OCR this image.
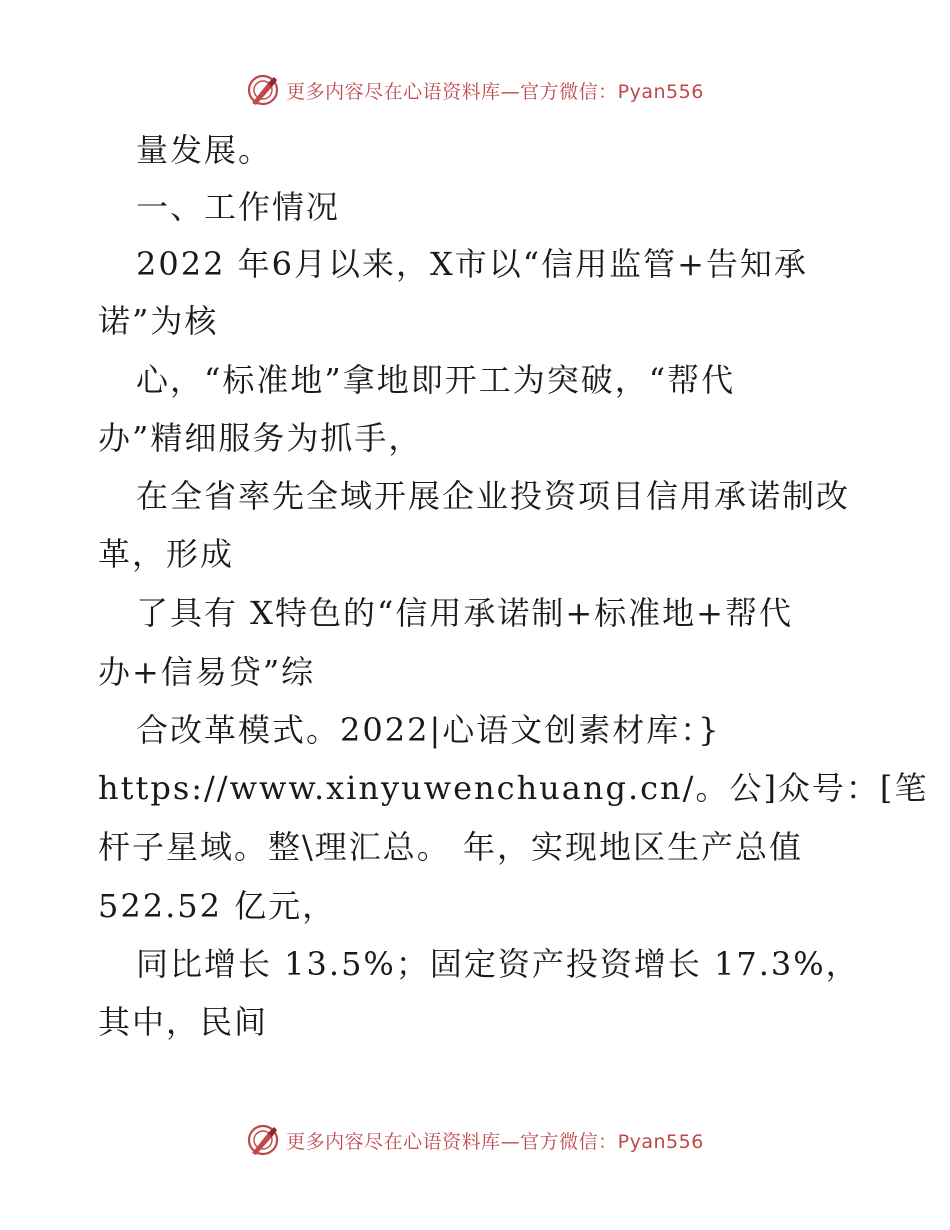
更多内容尽在心语资料库—官方微信：Pyan556
量发展。
一、工作情况
2022 年6月以来，X市以“信用监管+告知承
诺”为核
心，“标准地”拿地即开工为突破，“帮代
办”精细服务为抓手，
在全省率先全域开展企业投资项目信用承诺制改
革，形成
了具有 X特色的“信用承诺制+标准地+帮代
办+信易贷”综
合改革模式。2022|心语文创素材库：}
https://www.xinyuwenchuang.cn/。公]众号：[笔
杆子星域。整\理汇总。 年，实现地区生产总值
522.52 亿元，
同比增长 13.5%；固定资产投资增长 17.3%，
其中，民间
更多内容尽在心语资料库—官方微信：Pyan556
